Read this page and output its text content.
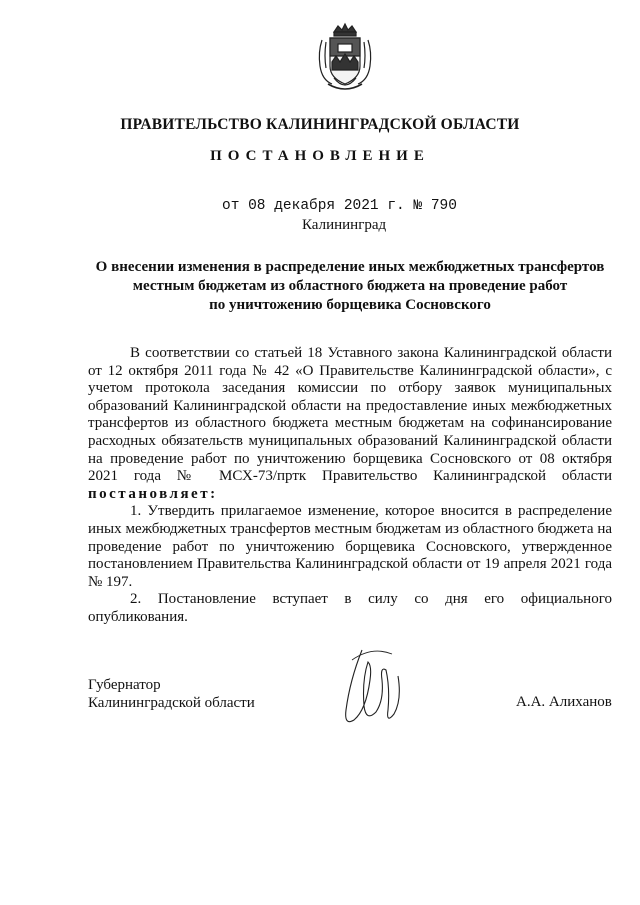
ПРАВИТЕЛЬСТВО КАЛИНИНГРАДСКОЙ ОБЛАСТИ
ПОСТАНОВЛЕНИЕ
от 08 декабря 2021 г. № 790
Калининград
О внесении изменения в распределение иных межбюджетных трансфертов
местным бюджетам из областного бюджета на проведение работ
по уничтожению борщевика Сосновского

В соответствии со статьей 18 Уставного закона Калининградской области от 12 октября 2011 года № 42 «О Правительстве Калининградской области», с учетом протокола заседания комиссии по отбору заявок муниципальных образований Калининградской области на предоставление иных межбюджетных трансфертов из областного бюджета местным бюджетам на софинансирование расходных обязательств муниципальных образований Калининградской области на проведение работ по уничтожению борщевика Сосновского от 08 октября 2021 года № МСХ-73/пртк Правительство Калининградской области постановляет:

1. Утвердить прилагаемое изменение, которое вносится в распределение иных межбюджетных трансфертов местным бюджетам из областного бюджета на проведение работ по уничтожению борщевика Сосновского, утвержденное постановлением Правительства Калининградской области от 19 апреля 2021 года № 197.

2. Постановление вступает в силу со дня его официального опубликования.

Губернатор
Калининградской области	А.А. Алиханов
